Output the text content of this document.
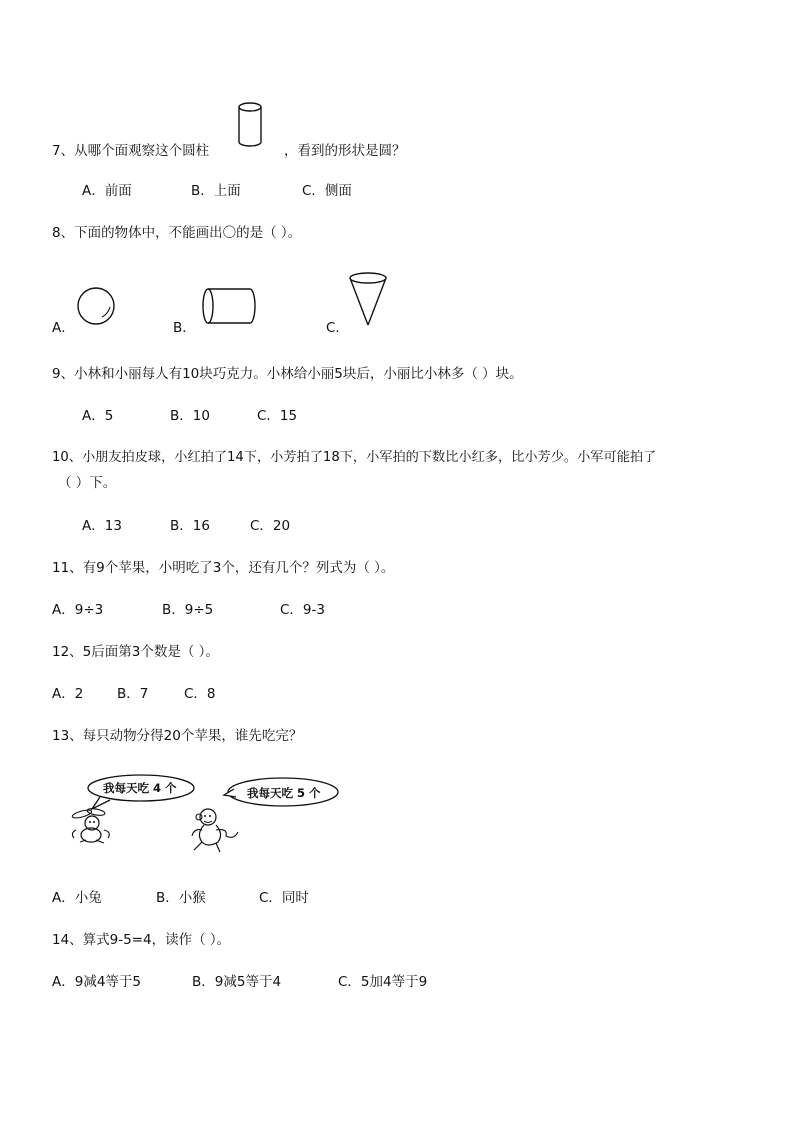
7、从哪个面观察这个圆柱	，看到的形状是圆？
A．前面	B．上面	C．侧面
8、下面的物体中，不能画出〇的是（ ）。
A．	B．	C．
9、小林和小丽每人有10块巧克力。小林给小丽5块后，小丽比小林多（ ）块。
A．5	B．10	C．15
10、小朋友拍皮球，小红拍了14下，小芳拍了18下，小军拍的下数比小红多，比小芳少。小军可能拍了
（ ）下。
A．13	B．16	C．20
11、有9个苹果，小明吃了3个，还有几个？列式为（ ）。
A．9÷3	B．9÷5	C．9-3
12、5后面第3个数是（ ）。
A．2 B．7	C．8
13、每只动物分得20个苹果，谁先吃完？
我每天吃 4 个	我每天吃 5 个
A．小兔	B．小猴	C．同时
14、算式9-5=4，读作（ ）。
A．9减4等于5	B．9减5等于4	C．5加4等于9
